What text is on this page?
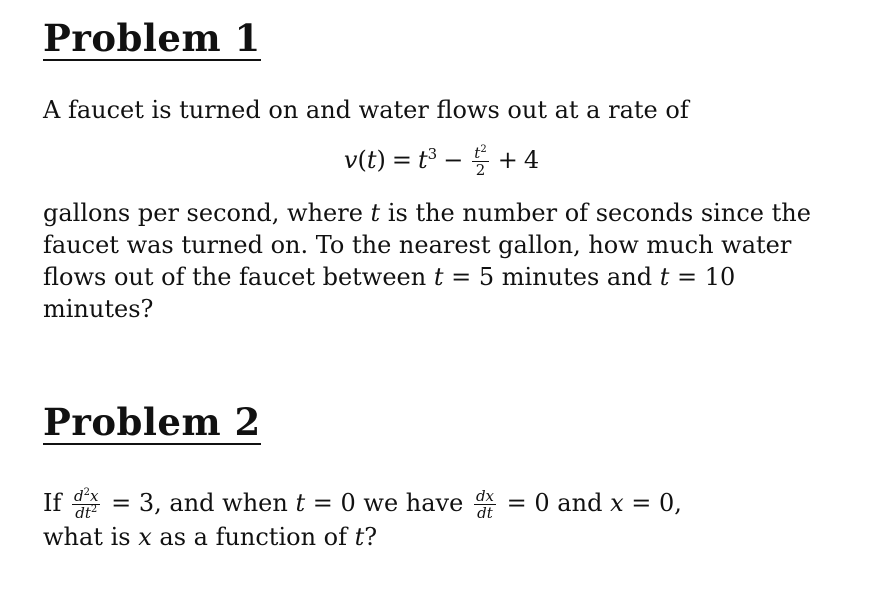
Problem 1

A faucet is turned on and water flows out at a rate of

$v(t) = t^3 - \frac{t^2}{2} + 4$

gallons per second, where t is the number of seconds since the faucet was turned on. To the nearest gallon, how much water flows out of the faucet between t = 5 minutes and t = 10 minutes?

Problem 2

If $\frac{d^2x}{dt^2} = 3$, and when t = 0 we have $\frac{dx}{dt} = 0$ and x = 0,
what is x as a function of t?
